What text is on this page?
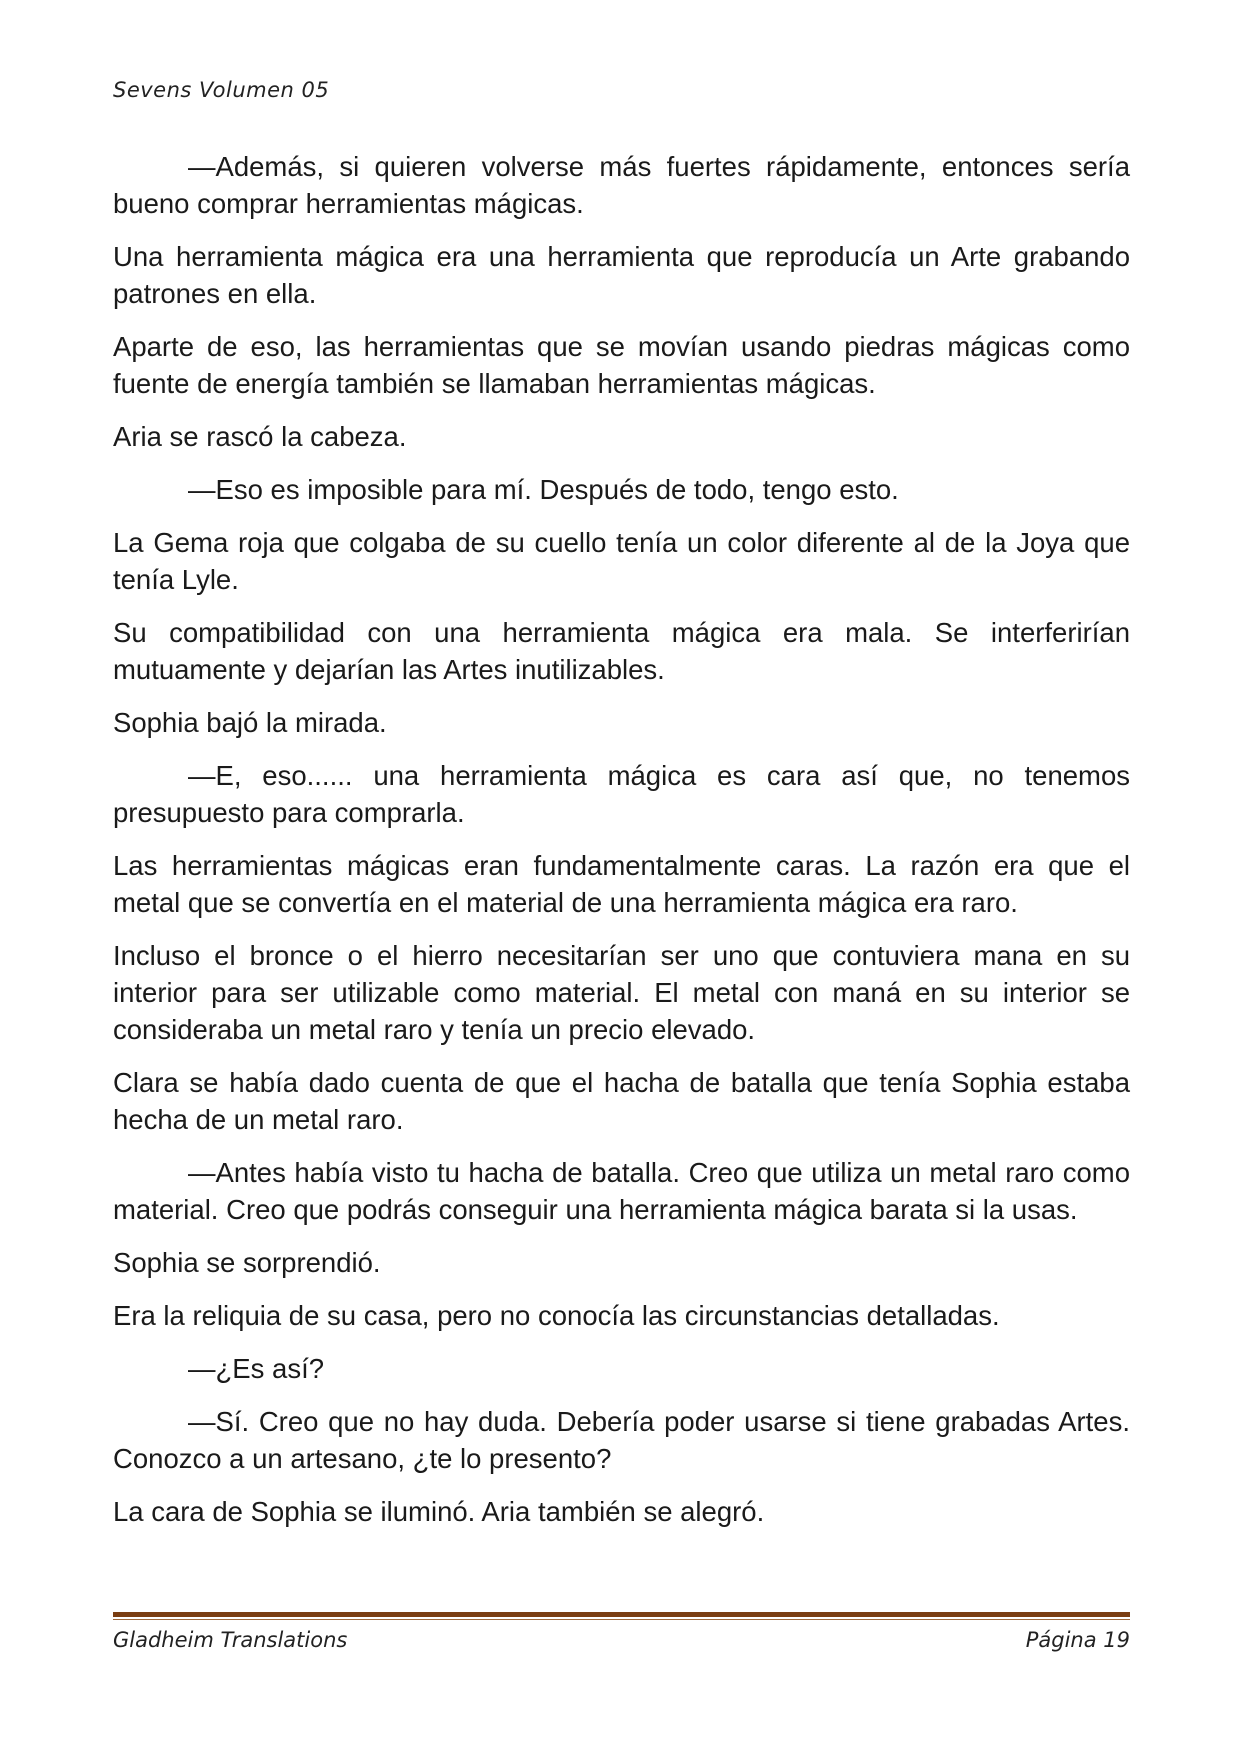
Sevens Volumen 05

—Además, si quieren volverse más fuertes rápidamente, entonces sería bueno comprar herramientas mágicas.

Una herramienta mágica era una herramienta que reproducía un Arte grabando patrones en ella.

Aparte de eso, las herramientas que se movían usando piedras mágicas como fuente de energía también se llamaban herramientas mágicas.

Aria se rascó la cabeza.

—Eso es imposible para mí. Después de todo, tengo esto.

La Gema roja que colgaba de su cuello tenía un color diferente al de la Joya que tenía Lyle.

Su compatibilidad con una herramienta mágica era mala. Se interferirían mutuamente y dejarían las Artes inutilizables.

Sophia bajó la mirada.

—E, eso...... una herramienta mágica es cara así que, no tenemos presupuesto para comprarla.

Las herramientas mágicas eran fundamentalmente caras. La razón era que el metal que se convertía en el material de una herramienta mágica era raro.

Incluso el bronce o el hierro necesitarían ser uno que contuviera mana en su interior para ser utilizable como material. El metal con maná en su interior se consideraba un metal raro y tenía un precio elevado.

Clara se había dado cuenta de que el hacha de batalla que tenía Sophia estaba hecha de un metal raro.

—Antes había visto tu hacha de batalla. Creo que utiliza un metal raro como material. Creo que podrás conseguir una herramienta mágica barata si la usas.

Sophia se sorprendió.

Era la reliquia de su casa, pero no conocía las circunstancias detalladas.

—¿Es así?

—Sí. Creo que no hay duda. Debería poder usarse si tiene grabadas Artes. Conozco a un artesano, ¿te lo presento?

La cara de Sophia se iluminó. Aria también se alegró.

Gladheim Translations	Página 19
